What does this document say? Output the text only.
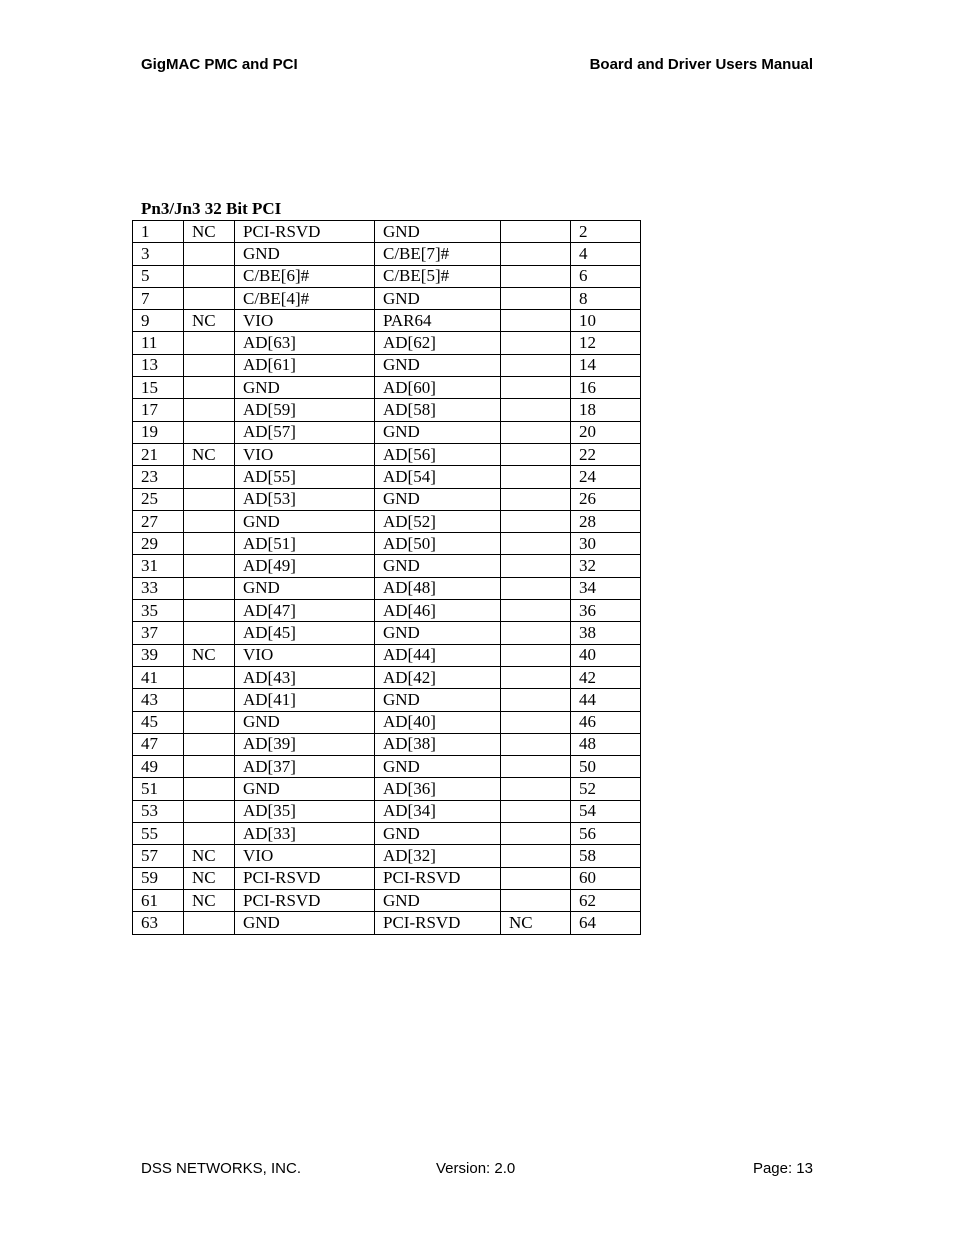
GigMAC PMC and PCI	Board and Driver Users Manual
Pn3/Jn3 32 Bit PCI
1	NC	PCI-RSVD	GND		2
3		GND	C/BE[7]#		4
5		C/BE[6]#	C/BE[5]#		6
7		C/BE[4]#	GND		8
9	NC	VIO	PAR64		10
11		AD[63]	AD[62]		12
13		AD[61]	GND		14
15		GND	AD[60]		16
17		AD[59]	AD[58]		18
19		AD[57]	GND		20
21	NC	VIO	AD[56]		22
23		AD[55]	AD[54]		24
25		AD[53]	GND		26
27		GND	AD[52]		28
29		AD[51]	AD[50]		30
31		AD[49]	GND		32
33		GND	AD[48]		34
35		AD[47]	AD[46]		36
37		AD[45]	GND		38
39	NC	VIO	AD[44]		40
41		AD[43]	AD[42]		42
43		AD[41]	GND		44
45		GND	AD[40]		46
47		AD[39]	AD[38]		48
49		AD[37]	GND		50
51		GND	AD[36]		52
53		AD[35]	AD[34]		54
55		AD[33]	GND		56
57	NC	VIO	AD[32]		58
59	NC	PCI-RSVD	PCI-RSVD		60
61	NC	PCI-RSVD	GND		62
63		GND	PCI-RSVD	NC	64
DSS NETWORKS, INC.	Version: 2.0	Page: 13
